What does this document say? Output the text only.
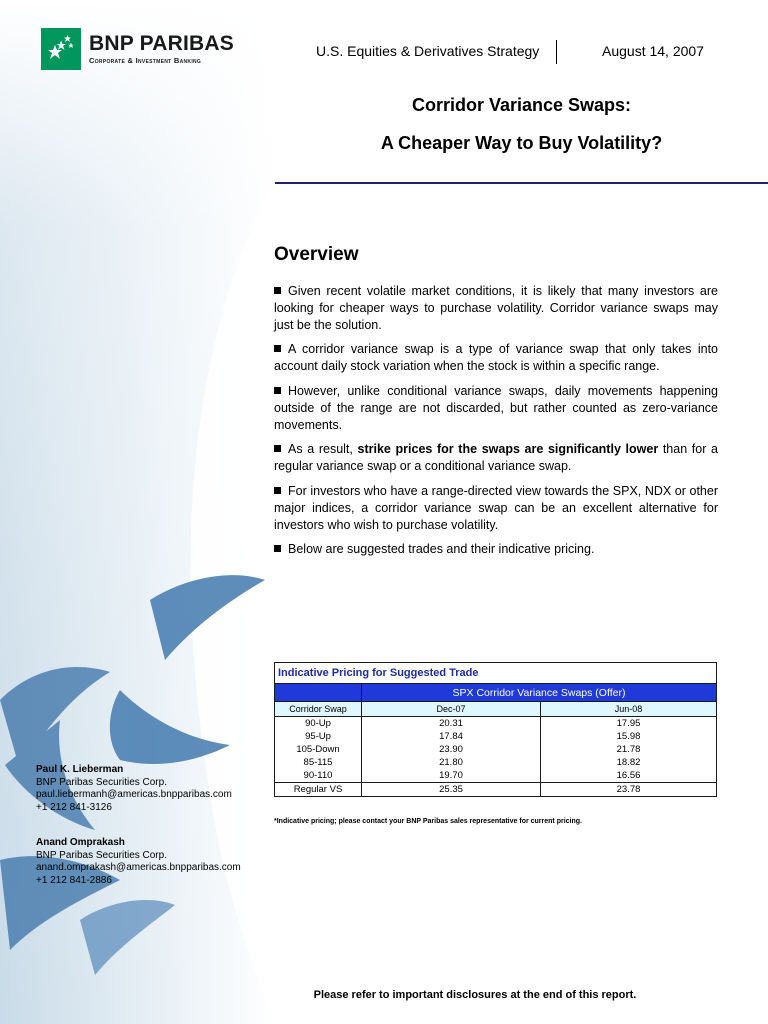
BNP PARIBAS
Corporate & Investment Banking
U.S. Equities & Derivatives Strategy	August 14, 2007
Corridor Variance Swaps:
A Cheaper Way to Buy Volatility?
Overview
Given recent volatile market conditions, it is likely that many investors are looking for cheaper ways to purchase volatility. Corridor variance swaps may just be the solution.
A corridor variance swap is a type of variance swap that only takes into account daily stock variation when the stock is within a specific range.
However, unlike conditional variance swaps, daily movements happening outside of the range are not discarded, but rather counted as zero-variance movements.
As a result, strike prices for the swaps are significantly lower than for a regular variance swap or a conditional variance swap.
For investors who have a range-directed view towards the SPX, NDX or other major indices, a corridor variance swap can be an excellent alternative for investors who wish to purchase volatility.
Below are suggested trades and their indicative pricing.
Indicative Pricing for Suggested Trade		
	SPX Corridor Variance Swaps (Offer)	
Corridor Swap	Dec-07	Jun-08
90-Up	20.31	17.95
95-Up	17.84	15.98
105-Down	23.90	21.78
85-115	21.80	18.82
90-110	19.70	16.56
Regular VS	25.35	23.78
*Indicative pricing; please contact your BNP Paribas sales representative for current pricing.
Paul K. Lieberman
BNP Paribas Securities Corp.
paul.liebermanh@americas.bnpparibas.com
+1 212 841-3126
Anand Omprakash
BNP Paribas Securities Corp.
anand.omprakash@americas.bnpparibas.com
+1 212 841-2886
Please refer to important disclosures at the end of this report.
